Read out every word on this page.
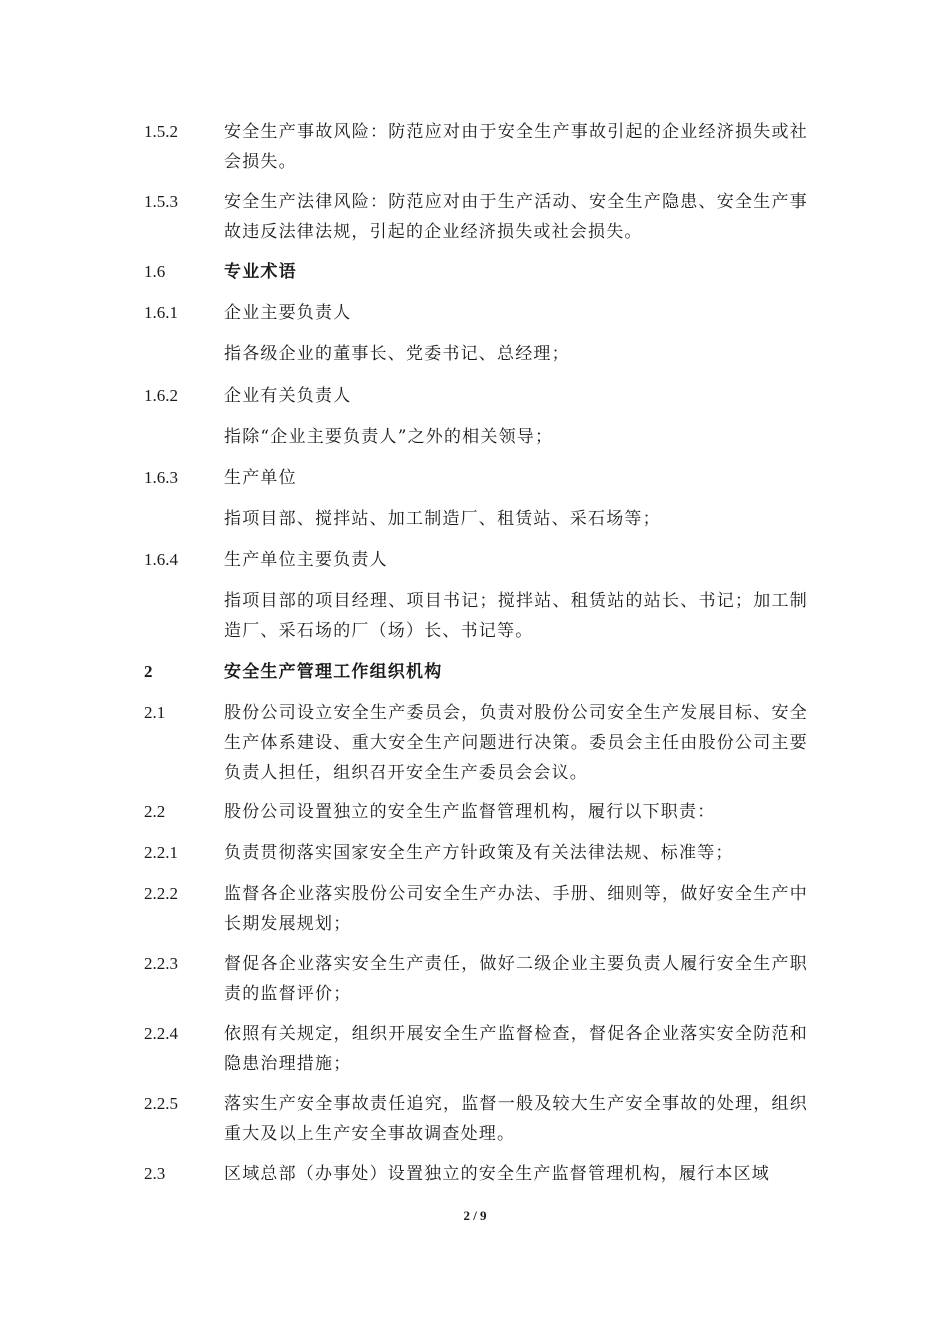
1.5.2	安全生产事故风险：防范应对由于安全生产事故引起的企业经济损失或社会损失。
1.5.3	安全生产法律风险：防范应对由于生产活动、安全生产隐患、安全生产事故违反法律法规，引起的企业经济损失或社会损失。
1.6	专业术语
1.6.1	企业主要负责人
指各级企业的董事长、党委书记、总经理；
1.6.2	企业有关负责人
指除“企业主要负责人”之外的相关领导；
1.6.3	生产单位
指项目部、搅拌站、加工制造厂、租赁站、采石场等；
1.6.4	生产单位主要负责人
指项目部的项目经理、项目书记；搅拌站、租赁站的站长、书记；加工制造厂、采石场的厂（场）长、书记等。
2	安全生产管理工作组织机构
2.1	股份公司设立安全生产委员会，负责对股份公司安全生产发展目标、安全生产体系建设、重大安全生产问题进行决策。委员会主任由股份公司主要负责人担任，组织召开安全生产委员会会议。
2.2	股份公司设置独立的安全生产监督管理机构，履行以下职责：
2.2.1	负责贯彻落实国家安全生产方针政策及有关法律法规、标准等；
2.2.2	监督各企业落实股份公司安全生产办法、手册、细则等，做好安全生产中长期发展规划；
2.2.3	督促各企业落实安全生产责任，做好二级企业主要负责人履行安全生产职责的监督评价；
2.2.4	依照有关规定，组织开展安全生产监督检查，督促各企业落实安全防范和隐患治理措施；
2.2.5	落实生产安全事故责任追究，监督一般及较大生产安全事故的处理，组织重大及以上生产安全事故调查处理。
2.3	区域总部（办事处）设置独立的安全生产监督管理机构，履行本区域
2 / 9
